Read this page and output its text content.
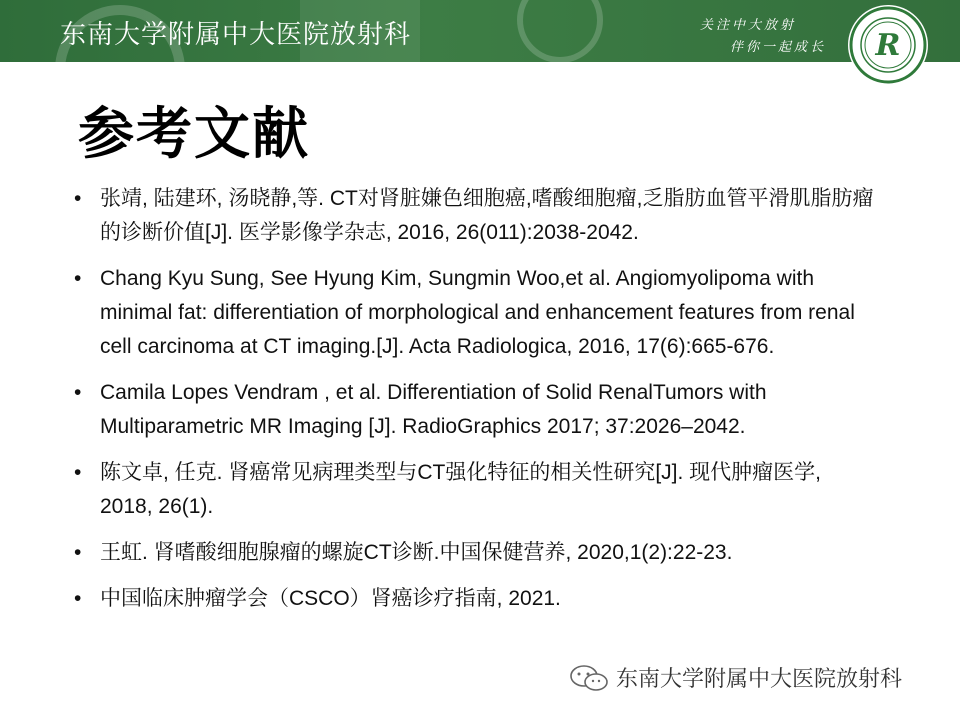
东南大学附属中大医院放射科	关注中大放射
伴你一起成长 R
参考文献
• 张靖, 陆建环, 汤晓静,等. CT对肾脏嫌色细胞癌,嗜酸细胞瘤,乏脂肪血管平滑肌脂肪瘤的诊断价值[J]. 医学影像学杂志, 2016, 26(011):2038-2042.
• Chang Kyu Sung, See Hyung Kim, Sungmin Woo,et al. Angiomyolipoma with minimal fat: differentiation of morphological and enhancement features from renal cell carcinoma at CT imaging.[J]. Acta Radiologica, 2016, 17(6):665-676.
• Camila Lopes Vendram , et al. Differentiation of Solid RenalTumors with Multiparametric MR Imaging [J]. RadioGraphics 2017; 37:2026–2042.
• 陈文卓, 任克. 肾癌常见病理类型与CT强化特征的相关性研究[J]. 现代肿瘤医学, 2018, 26(1).
• 王虹. 肾嗜酸细胞腺瘤的螺旋CT诊断.中国保健营养, 2020,1(2):22-23.
• 中国临床肿瘤学会（CSCO）肾癌诊疗指南, 2021.
东南大学附属中大医院放射科
